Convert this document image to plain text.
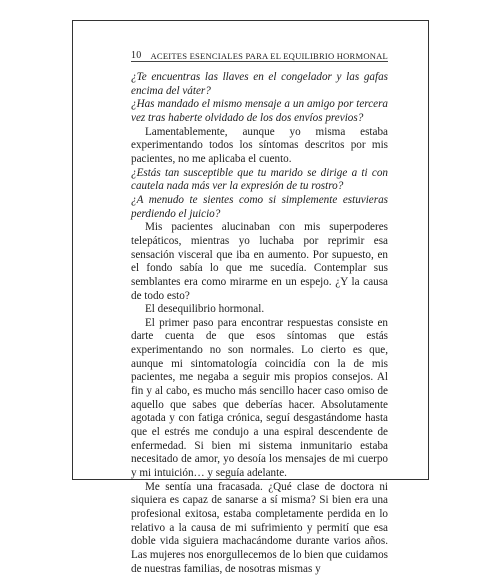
10 ACEITES ESENCIALES PARA EL EQUILIBRIO HORMONAL

¿Te encuentras las llaves en el congelador y las gafas encima del váter?

¿Has mandado el mismo mensaje a un amigo por tercera vez tras haberte olvidado de los dos envíos previos?

Lamentablemente, aunque yo misma estaba experimentando todos los síntomas descritos por mis pacientes, no me aplicaba el cuento.

¿Estás tan susceptible que tu marido se dirige a ti con cautela nada más ver la expresión de tu rostro?

¿A menudo te sientes como si simplemente estuvieras perdiendo el juicio?

Mis pacientes alucinaban con mis superpoderes telepáticos, mientras yo luchaba por reprimir esa sensación visceral que iba en aumento. Por supuesto, en el fondo sabía lo que me sucedía. Contemplar sus semblantes era como mirarme en un espejo. ¿Y la causa de todo esto?

El desequilibrio hormonal.

El primer paso para encontrar respuestas consiste en darte cuenta de que esos síntomas que estás experimentando no son normales. Lo cierto es que, aunque mi sintomatología coincidía con la de mis pacientes, me negaba a seguir mis propios consejos. Al fin y al cabo, es mucho más sencillo hacer caso omiso de aquello que sabes que deberías hacer. Absolutamente agotada y con fatiga crónica, seguí desgastándome hasta que el estrés me condujo a una espiral descendente de enfermedad. Si bien mi sistema inmunitario estaba necesitado de amor, yo desoía los mensajes de mi cuerpo y mi intuición… y seguía adelante.

Me sentía una fracasada. ¿Qué clase de doctora ni siquiera es capaz de sanarse a sí misma? Si bien era una profesional exitosa, estaba completamente perdida en lo relativo a la causa de mi sufrimiento y permití que esa doble vida siguiera machacándome durante varios años. Las mujeres nos enorgullecemos de lo bien que cuidamos de nuestras familias, de nosotras mismas y
